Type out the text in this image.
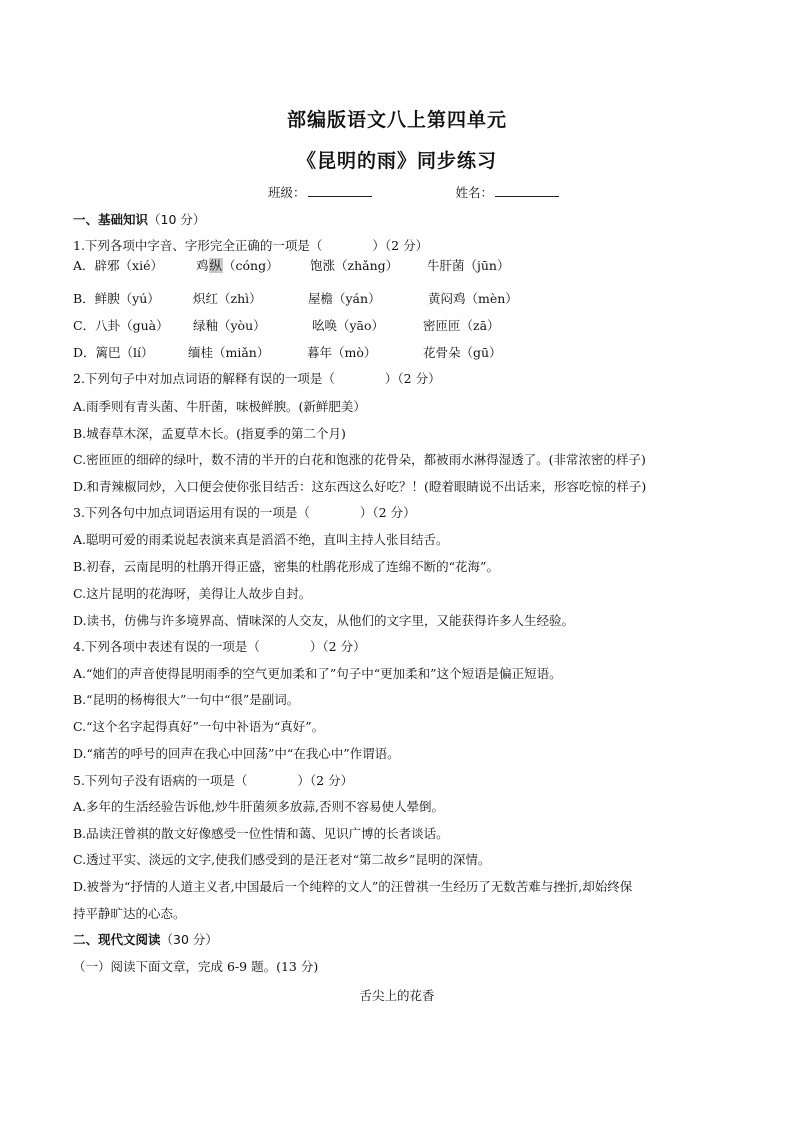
部编版语文八上第四单元
《昆明的雨》同步练习
班级：	姓名：
一、基础知识（10 分）
1.下列各项中字音、字形完全正确的一项是（　　　　）（2 分）
A．辟邪（xié）	鸡纵（cóng）	饱涨（zhǎng） 牛肝菌（jūn）
B．鲜腴（yú）	炽红（zhì）	屋檐（yán）	黄闷鸡（mèn）
C．八卦（guà） 绿釉（yòu）	吆唤（yāo）	密匝匝（zā）
D．篱巴（lí）	缅桂（miǎn）	暮年（mò）	花骨朵（gū）
2.下列句子中对加点词语的解释有误的一项是（　　　　）（2 分）
A.雨季则有青头菌、牛肝菌，味极鲜腴。(新鲜肥美）
B.城春草木深，孟夏草木长。(指夏季的第二个月)
C.密匝匝的细碎的绿叶，数不清的半开的白花和饱涨的花骨朵，都被雨水淋得湿透了。(非常浓密的样子)
D.和青辣椒同炒，入口便会使你张目结舌：这东西这么好吃？！(瞪着眼睛说不出话来，形容吃惊的样子)
3.下列各句中加点词语运用有误的一项是（　　　　）（2 分）
A.聪明可爱的雨柔说起表演来真是滔滔不绝，直叫主持人张目结舌。
B.初春，云南昆明的杜鹃开得正盛，密集的杜鹃花形成了连绵不断的“花海”。
C.这片昆明的花海呀，美得让人故步自封。
D.读书，仿佛与许多境界高、情味深的人交友，从他们的文字里，又能获得许多人生经验。
4.下列各项中表述有误的一项是（　　　　）（2 分）
A.“她们的声音使得昆明雨季的空气更加柔和了”句子中“更加柔和”这个短语是偏正短语。
B.“昆明的杨梅很大”一句中“很”是副词。
C.“这个名字起得真好”一句中补语为“真好”。
D.“痛苦的呼号的回声在我心中回荡”中“在我心中”作谓语。
5.下列句子没有语病的一项是（　　　　）（2 分）
A.多年的生活经验告诉他,炒牛肝菌须多放蒜,否则不容易使人晕倒。
B.品读汪曾祺的散文好像感受一位性情和蔼、见识广博的长者谈话。
C.透过平实、淡远的文字,使我们感受到的是汪老对“第二故乡”昆明的深情。
D.被誉为“抒情的人道主义者,中国最后一个纯粹的文人”的汪曾祺一生经历了无数苦难与挫折,却始终保
持平静旷达的心态。
二、现代文阅读（30 分）
（一）阅读下面文章，完成 6-9 题。(13 分)
舌尖上的花香
